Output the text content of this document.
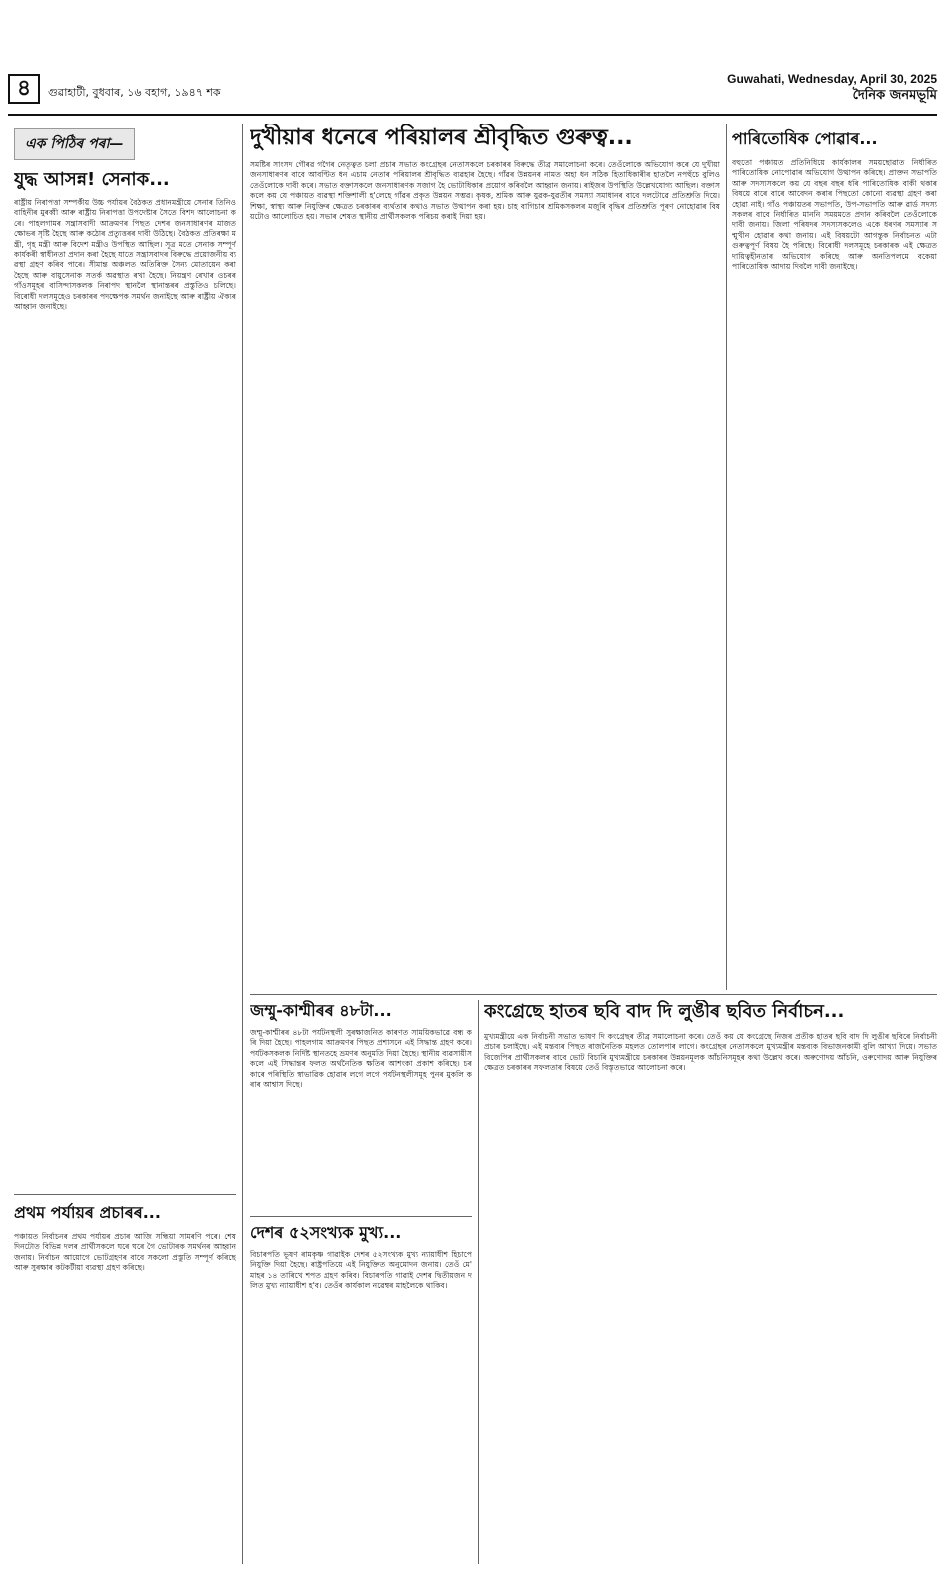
৪	গুৱাহাটী, বুধবাৰ, ১৬ বহাগ, ১৯৪৭ শক
Guwahati, Wednesday, April 30, 2025
দৈনিক জনমভূমি
এক পিঠিৰ পৰা—
যুদ্ধ আসন্ন! সেনাক...
ৰাষ্ট্ৰীয় নিৰাপত্তা সম্পৰ্কীয় উচ্চ পৰ্যায়ৰ বৈঠকত প্ৰধানমন্ত্ৰীয়ে সেনাৰ তিনিও বাহিনীৰ মুৰব্বী আৰু ৰাষ্ট্ৰীয় নিৰাপত্তা উপদেষ্টাৰ সৈতে বিশদ আলোচনা কৰে। পাহলগামৰ সন্ত্ৰাসবাদী আক্ৰমণৰ পিছত দেশৰ জনসাধাৰণৰ মাজত ক্ষোভৰ সৃষ্টি হৈছে আৰু কঠোৰ প্ৰত্যুত্তৰৰ দাবী উঠিছে। বৈঠকত প্ৰতিৰক্ষা মন্ত্ৰী, গৃহ মন্ত্ৰী আৰু বিদেশ মন্ত্ৰীও উপস্থিত আছিল। সূত্ৰ মতে সেনাক সম্পূৰ্ণ কাৰ্যকৰী স্বাধীনতা প্ৰদান কৰা হৈছে যাতে সন্ত্ৰাসবাদৰ বিৰুদ্ধে প্ৰয়োজনীয় ব্যৱস্থা গ্ৰহণ কৰিব পাৰে। সীমান্ত অঞ্চলত অতিৰিক্ত সৈন্য মোতায়েন কৰা হৈছে আৰু বায়ুসেনাক সতৰ্ক অৱস্থাত ৰখা হৈছে। নিয়ন্ত্ৰণ ৰেখাৰ ওচৰৰ গাঁওসমূহৰ বাসিন্দাসকলক নিৰাপদ স্থানলৈ স্থানান্তৰৰ প্ৰস্তুতিও চলিছে। বিৰোধী দলসমূহেও চৰকাৰৰ পদক্ষেপক সমৰ্থন জনাইছে আৰু ৰাষ্ট্ৰীয় ঐক্যৰ আহ্বান জনাইছে।
প্ৰথম পৰ্যায়ৰ প্ৰচাৰৰ...
পঞ্চায়ত নিৰ্বাচনৰ প্ৰথম পৰ্যায়ৰ প্ৰচাৰ আজি সন্ধিয়া সামৰণি পৰে। শেষ দিনটোত বিভিন্ন দলৰ প্ৰাৰ্থীসকলে ঘৰে ঘৰে গৈ ভোটাৰক সমৰ্থনৰ আহ্বান জনায়। নিৰ্বাচন আয়োগে ভোটগ্ৰহণৰ বাবে সকলো প্ৰস্তুতি সম্পূৰ্ণ কৰিছে আৰু সুৰক্ষাৰ কটকটীয়া ব্যৱস্থা গ্ৰহণ কৰিছে।
দুখীয়াৰ ধনেৰে পৰিয়ালৰ শ্ৰীবৃদ্ধিত গুৰুত্ব...
সমষ্টিৰ সাংসদ গৌৰৱ গগৈৰ নেতৃত্বত চলা প্ৰচাৰ সভাত কংগ্ৰেছৰ নেতাসকলে চৰকাৰৰ বিৰুদ্ধে তীব্ৰ সমালোচনা কৰে। তেওঁলোকে অভিযোগ কৰে যে দুখীয়া জনসাধাৰণৰ বাবে আবণ্টিত ধন এচাম নেতাৰ পৰিয়ালৰ শ্ৰীবৃদ্ধিত ব্যৱহাৰ হৈছে। গাঁৱৰ উন্নয়নৰ নামত অহা ধন সঠিক হিতাধিকাৰীৰ হাতলৈ নপহুঁচে বুলিও তেওঁলোকে দাবী কৰে। সভাত বক্তাসকলে জনসাধাৰণক সজাগ হৈ ভোটাধিকাৰ প্ৰয়োগ কৰিবলৈ আহ্বান জনায়। ৰাইজৰ উপস্থিতি উল্লেখযোগ্য আছিল। বক্তাসকলে কয় যে পঞ্চায়ত ব্যৱস্থা শক্তিশালী হ'লেহে গাঁৱৰ প্ৰকৃত উন্নয়ন সম্ভৱ। কৃষক, শ্ৰমিক আৰু যুৱক-যুৱতীৰ সমস্যা সমাধানৰ বাবে দলটোৱে প্ৰতিশ্ৰুতি দিয়ে। শিক্ষা, স্বাস্থ্য আৰু নিযুক্তিৰ ক্ষেত্ৰত চৰকাৰৰ ব্যৰ্থতাৰ কথাও সভাত উত্থাপন কৰা হয়। চাহ বাগিচাৰ শ্ৰমিকসকলৰ মজুৰি বৃদ্ধিৰ প্ৰতিশ্ৰুতি পূৰণ নোহোৱাৰ বিষয়টোও আলোচিত হয়। সভাৰ শেষত স্থানীয় প্ৰাৰ্থীসকলক পৰিচয় কৰাই দিয়া হয়।
পাৰিতোষিক পোৱাৰ...
বহুতো পঞ্চায়ত প্ৰতিনিধিয়ে কাৰ্যকালৰ সময়ছোৱাত নিৰ্ধাৰিত পাৰিতোষিক নোপোৱাৰ অভিযোগ উত্থাপন কৰিছে। প্ৰাক্তন সভাপতি আৰু সদস্যসকলে কয় যে বছৰ বছৰ ধৰি পাৰিতোষিক বাকী থকাৰ বিষয়ে বাৰে বাৰে আবেদন কৰাৰ পিছতো কোনো ব্যৱস্থা গ্ৰহণ কৰা হোৱা নাই। গাঁও পঞ্চায়তৰ সভাপতি, উপ-সভাপতি আৰু ৱাৰ্ড সদস্যসকলৰ বাবে নিৰ্ধাৰিত মাননি সময়মতে প্ৰদান কৰিবলৈ তেওঁলোকে দাবী জনায়। জিলা পৰিষদৰ সদস্যসকলেও একে ধৰণৰ সমস্যাৰ সন্মুখীন হোৱাৰ কথা জনায়। এই বিষয়টো আগন্তুক নিৰ্বাচনত এটা গুৰুত্বপূৰ্ণ বিষয় হৈ পৰিছে। বিৰোধী দলসমূহে চৰকাৰক এই ক্ষেত্ৰত দায়িত্বহীনতাৰ অভিযোগ কৰিছে আৰু অনতিপলমে বকেয়া পাৰিতোষিক আদায় দিবলৈ দাবী জনাইছে।
জম্মু-কাশ্মীৰৰ ৪৮টা...
জম্মু-কাশ্মীৰৰ ৪৮টা পৰ্যটনস্থলী সুৰক্ষাজনিত কাৰণত সাময়িকভাৱে বন্ধ কৰি দিয়া হৈছে। পাহলগাম আক্ৰমণৰ পিছত প্ৰশাসনে এই সিদ্ধান্ত গ্ৰহণ কৰে। পৰ্যটকসকলক নিৰ্দিষ্ট স্থানতহে ভ্ৰমণৰ অনুমতি দিয়া হৈছে। স্থানীয় ব্যৱসায়ীসকলে এই সিদ্ধান্তৰ ফলত অৰ্থনৈতিক ক্ষতিৰ আশংকা প্ৰকাশ কৰিছে। চৰকাৰে পৰিস্থিতি স্বাভাৱিক হোৱাৰ লগে লগে পৰ্যটনস্থলীসমূহ পুনৰ মুকলি কৰাৰ আশ্বাস দিছে।
দেশৰ ৫২সংখ্যক মুখ্য...
বিচাৰপতি ভূষণ ৰামকৃষ্ণ গাৱাইক দেশৰ ৫২সংখ্যক মুখ্য ন্যায়াধীশ হিচাপে নিযুক্তি দিয়া হৈছে। ৰাষ্ট্ৰপতিয়ে এই নিযুক্তিত অনুমোদন জনায়। তেওঁ মে' মাহৰ ১৪ তাৰিখে শপত গ্ৰহণ কৰিব। বিচাৰপতি গাৱাই দেশৰ দ্বিতীয়জন দলিত মুখ্য ন্যায়াধীশ হ'ব। তেওঁৰ কাৰ্যকাল নৱেম্বৰ মাহলৈকে থাকিব।
কংগ্ৰেছে হাতৰ ছবি বাদ দি লুঙীৰ ছবিত নিৰ্বাচন...
মুখ্যমন্ত্ৰীয়ে এক নিৰ্বাচনী সভাত ভাষণ দি কংগ্ৰেছৰ তীব্ৰ সমালোচনা কৰে। তেওঁ কয় যে কংগ্ৰেছে নিজৰ প্ৰতীক হাতৰ ছবি বাদ দি লুঙীৰ ছবিৰে নিৰ্বাচনী প্ৰচাৰ চলাইছে। এই মন্তব্যৰ পিছত ৰাজনৈতিক মহলত তোলপাৰ লাগে। কংগ্ৰেছৰ নেতাসকলে মুখ্যমন্ত্ৰীৰ মন্তব্যক বিভাজনকামী বুলি আখ্যা দিয়ে। সভাত বিজেপিৰ প্ৰাৰ্থীসকলৰ বাবে ভোট বিচাৰি মুখ্যমন্ত্ৰীয়ে চৰকাৰৰ উন্নয়নমূলক আঁচনিসমূহৰ কথা উল্লেখ কৰে। অৰুণোদয় আঁচনি, ওৰুণোদয় আৰু নিযুক্তিৰ ক্ষেত্ৰত চৰকাৰৰ সফলতাৰ বিষয়ে তেওঁ বিস্তৃতভাৱে আলোচনা কৰে।
